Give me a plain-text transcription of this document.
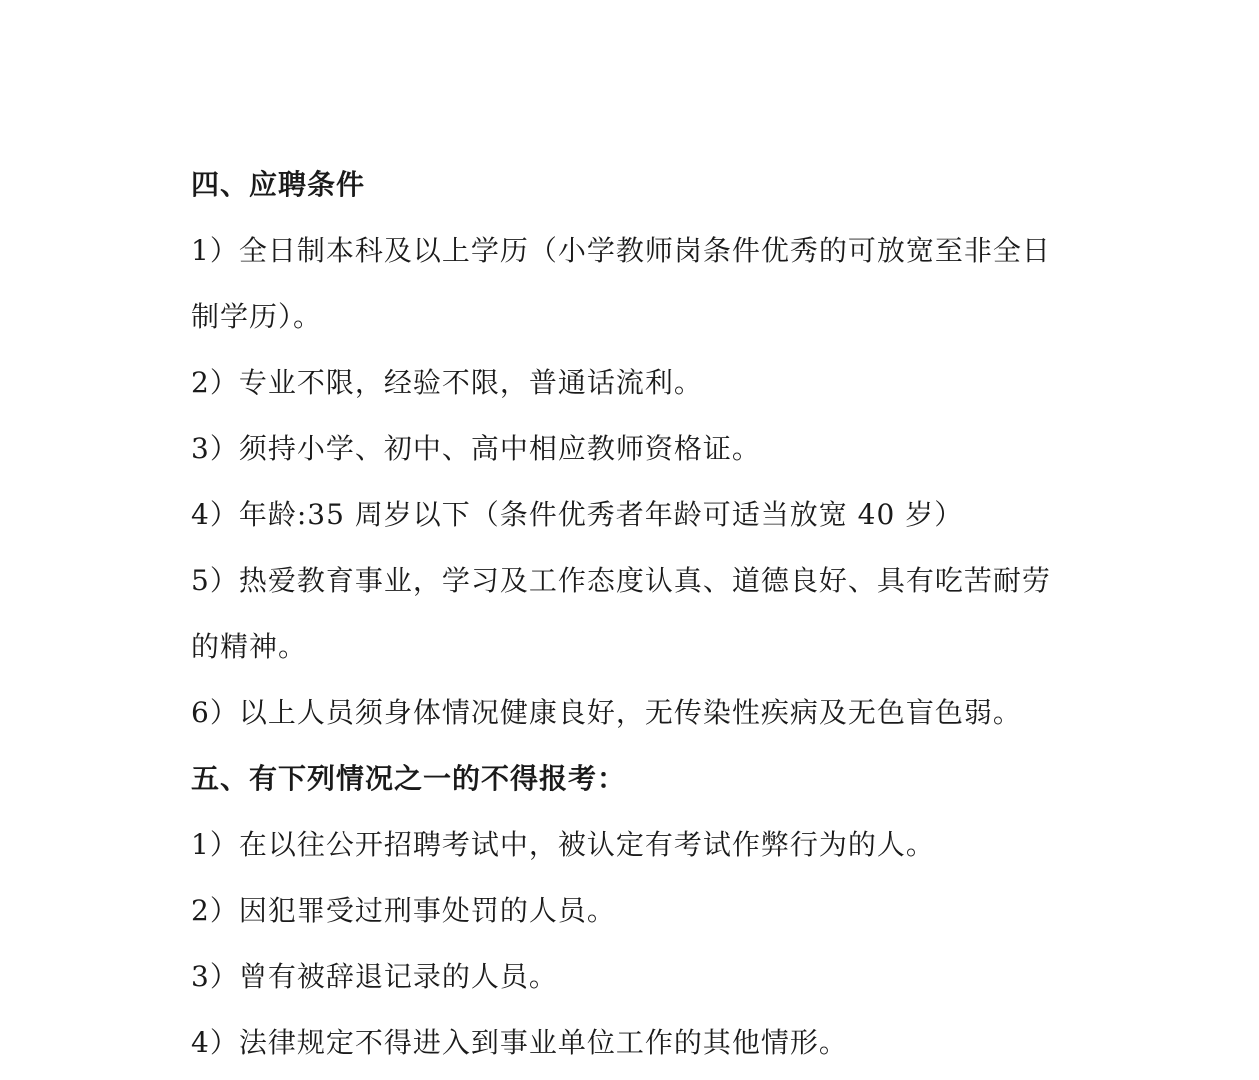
四、应聘条件
1）全日制本科及以上学历（小学教师岗条件优秀的可放宽至非全日
制学历）。
2）专业不限，经验不限，普通话流利。
3）须持小学、初中、高中相应教师资格证。
4）年龄:35 周岁以下（条件优秀者年龄可适当放宽 40 岁）
5）热爱教育事业，学习及工作态度认真、道德良好、具有吃苦耐劳
的精神。
6）以上人员须身体情况健康良好，无传染性疾病及无色盲色弱。
五、有下列情况之一的不得报考：
1）在以往公开招聘考试中，被认定有考试作弊行为的人。
2）因犯罪受过刑事处罚的人员。
3）曾有被辞退记录的人员。
4）法律规定不得进入到事业单位工作的其他情形。
